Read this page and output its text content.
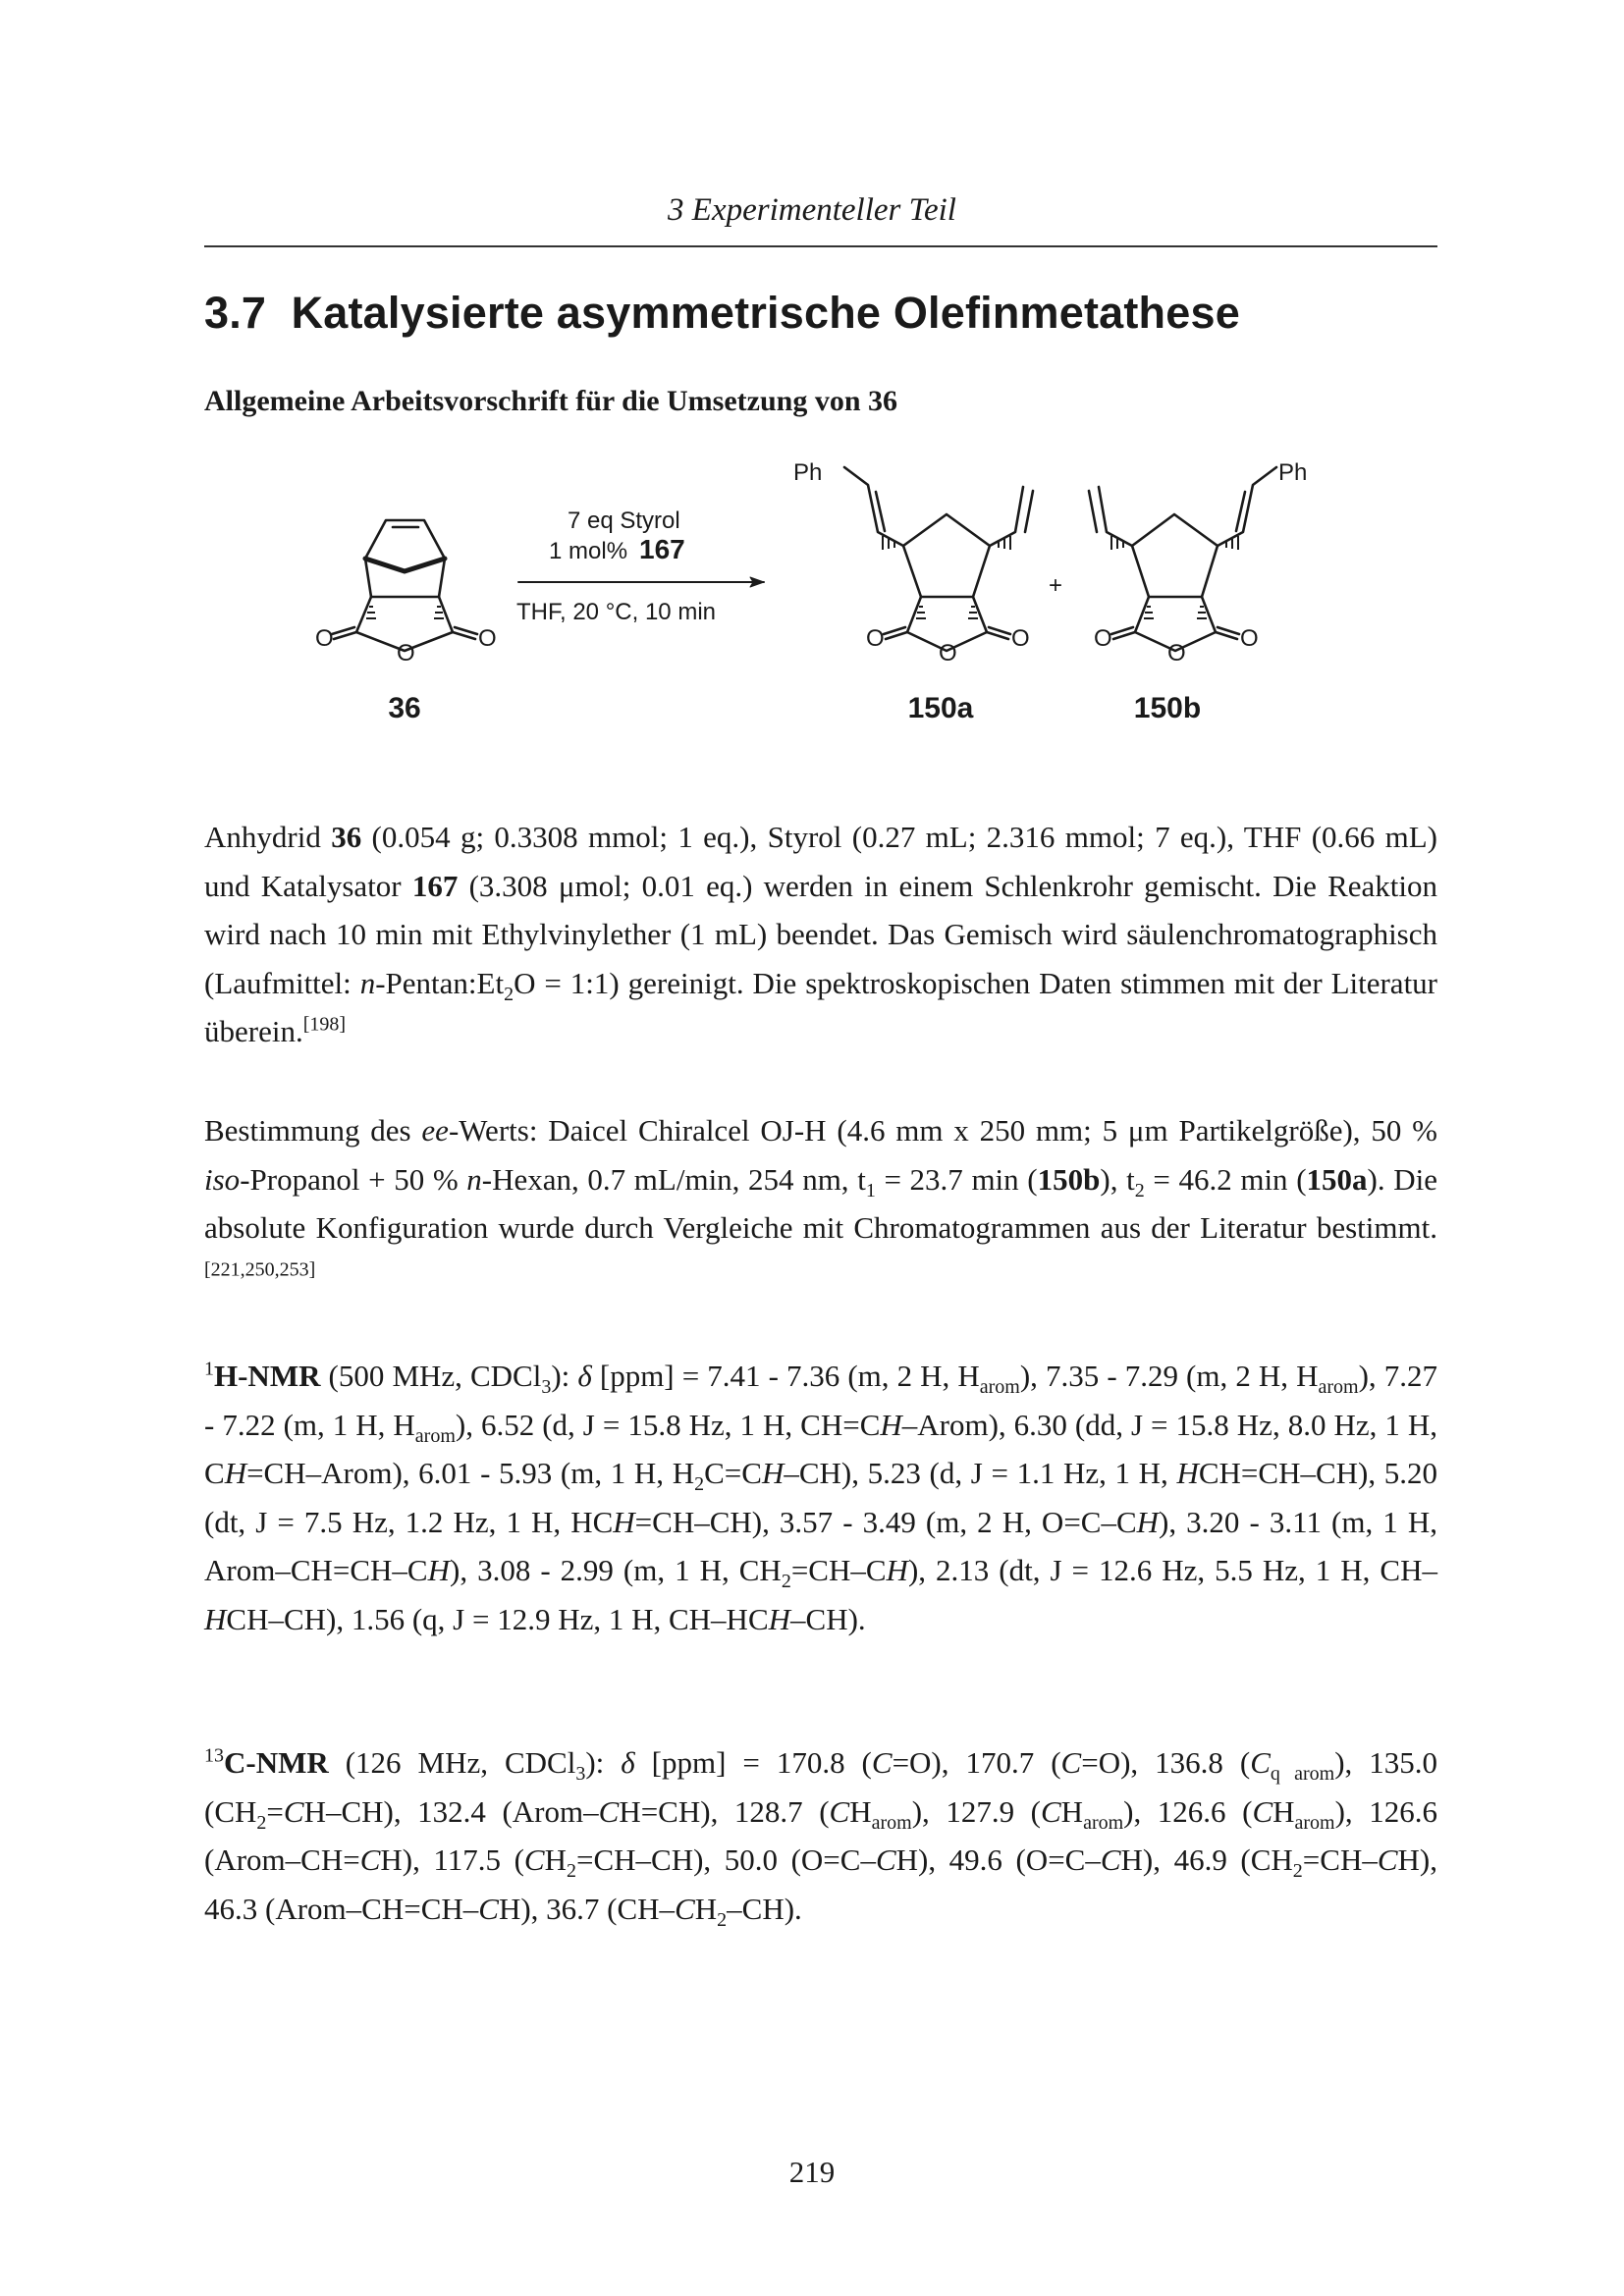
3 Experimenteller Teil
3.7 Katalysierte asymmetrische Olefinmetathese
Allgemeine Arbeitsvorschrift für die Umsetzung von 36
O
O
O	O
O
O	O
O
O
Ph	Ph
7 eq Styrol
1 mol% 167
THF, 20 °C, 10 min
+
36	150a	150b

Anhydrid 36 (0.054 g; 0.3308 mmol; 1 eq.), Styrol (0.27 mL; 2.316 mmol; 7 eq.), THF (0.66 mL) und Katalysator 167 (3.308 μmol; 0.01 eq.) werden in einem Schlenkrohr gemischt. Die Reaktion wird nach 10 min mit Ethylvinylether (1 mL) beendet. Das Gemisch wird säulenchromatographisch (Laufmittel: $n-Pentan:Et_2O$ = 1:1) gereinigt. Die spektroskopischen Daten stimmen mit der Literatur überein.[198]

Bestimmung des ee-Werts: Daicel Chiralcel OJ-H (4.6 mm x 250 mm; 5 μm Partikelgröße), 50 % iso-Propanol + 50 % n-Hexan, 0.7 mL/min, 254 nm, $t_1 = 23.7$ min (150b), $t_2 = 46.2$ min (150a). Die absolute Konfiguration wurde durch Vergleiche mit Chromatogrammen aus der Literatur bestimmt.[221,250,253]

$^1$H-NMR (500 MHz, CDCl$_3$): δ [ppm] = 7.41 - 7.36 (m, 2 H, $H_{arom}$), 7.35 - 7.29 (m, 2 H, $H_{arom}$), 7.27 - 7.22 (m, 1 H, $H_{arom}$), 6.52 (d, J = 15.8 Hz, 1 H, CH=CH–Arom), 6.30 (dd, J = 15.8 Hz, 8.0 Hz, 1 H, CH=CH–Arom), 6.01 - 5.93 (m, 1 H, $H_2C=CH-CH$), 5.23 (d, J = 1.1 Hz, 1 H, HCH=CH–CH), 5.20 (dt, J = 7.5 Hz, 1.2 Hz, 1 H, HCH=CH–CH), 3.57 - 3.49 (m, 2 H, O=C–CH), 3.20 - 3.11 (m, 1 H, Arom–CH=CH–CH), 3.08 - 2.99 (m, 1 H, $CH_2=CH-CH$), 2.13 (dt, J = 12.6 Hz, 5.5 Hz, 1 H, CH–HCH–CH), 1.56 (q, J = 12.9 Hz, 1 H, CH–HCH–CH).

$^{13}$C-NMR (126 MHz, CDCl$_3$): δ [ppm] = 170.8 (C=O), 170.7 (C=O), 136.8 $(C_{q arom})$, 135.0 $(CH_2=CH-CH)$, 132.4 (Arom–CH=CH), 128.7 $(CH_{arom})$, 127.9 $(CH_{arom})$, 126.6 $(CH_{arom})$, 126.6 (Arom–CH=CH), 117.5 $(CH_2=CH-CH)$, 50.0 (O=C–CH), 49.6 (O=C–CH), 46.9 $(CH_2=CH-CH)$, 46.3 (Arom–CH=CH–CH), 36.7 $(CH-CH_2-CH)$.

219
